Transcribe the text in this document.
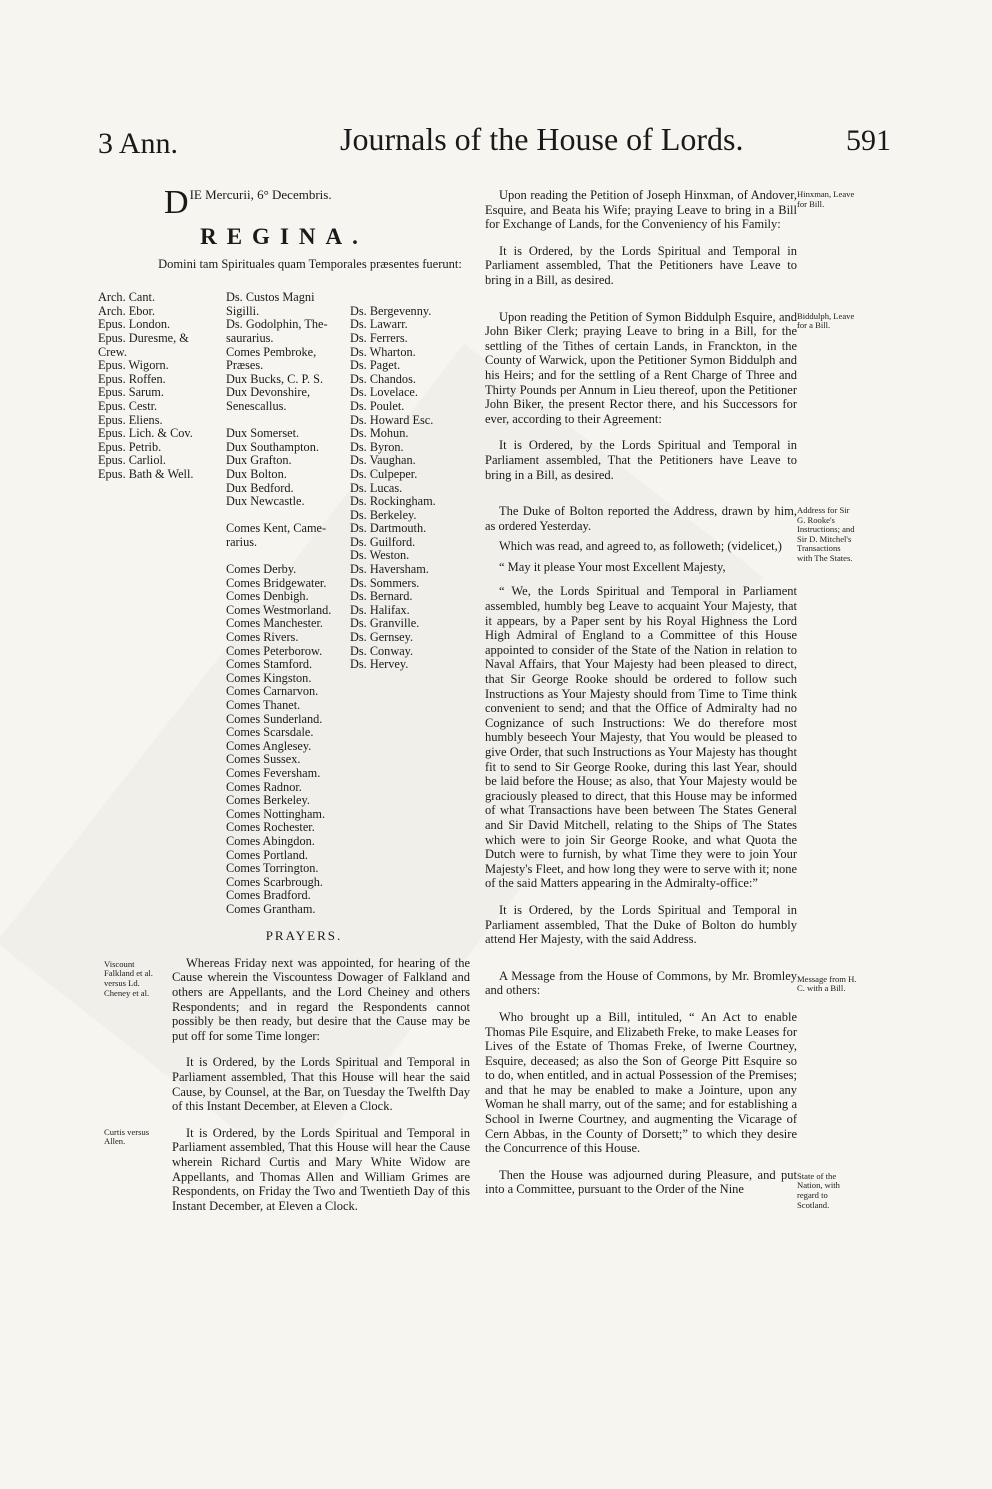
3 Ann.	Journals of the House of Lords.	591
D IE Mercurii, 6° Decembris.
REGINA.
Domini tam Spirituales quam Temporales præsentes fuerunt:
Arch. Cant.
Arch. Ebor.
Epus. London.
Epus. Duresme, &
Crew.
Epus. Wigorn.
Epus. Roffen.
Epus. Sarum.
Epus. Cestr.
Epus. Eliens.
Epus. Lich. & Cov.
Epus. Petrib.
Epus. Carliol.
Epus. Bath & Well.
Ds. Custos Magni
Sigilli.
Ds. Godolphin, The-
saurarius.
Comes Pembroke,
Præses.
Dux Bucks, C. P. S.
Dux Devonshire,
Senescallus.

Dux Somerset.
Dux Southampton.
Dux Grafton.
Dux Bolton.
Dux Bedford.
Dux Newcastle.

Comes Kent, Came-
rarius.

Comes Derby.
Comes Bridgewater.
Comes Denbigh.
Comes Westmorland.
Comes Manchester.
Comes Rivers.
Comes Peterborow.
Comes Stamford.
Comes Kingston.
Comes Carnarvon.
Comes Thanet.
Comes Sunderland.
Comes Scarsdale.
Comes Anglesey.
Comes Sussex.
Comes Feversham.
Comes Radnor.
Comes Berkeley.
Comes Nottingham.
Comes Rochester.
Comes Abingdon.
Comes Portland.
Comes Torrington.
Comes Scarbrough.
Comes Bradford.
Comes Grantham.

Ds. Bergevenny.
Ds. Lawarr.
Ds. Ferrers.
Ds. Wharton.
Ds. Paget.
Ds. Chandos.
Ds. Lovelace.
Ds. Poulet.
Ds. Howard Esc.
Ds. Mohun.
Ds. Byron.
Ds. Vaughan.
Ds. Culpeper.
Ds. Lucas.
Ds. Rockingham.
Ds. Berkeley.
Ds. Dartmouth.
Ds. Guilford.
Ds. Weston.
Ds. Haversham.
Ds. Sommers.
Ds. Bernard.
Ds. Halifax.
Ds. Granville.
Ds. Gernsey.
Ds. Conway.
Ds. Hervey.
PRAYERS.
Viscount Falkland et al. versus Ld. Cheney et al.

Whereas Friday next was appointed, for hearing of the Cause wherein the Viscountess Dowager of Falkland and others are Appellants, and the Lord Cheiney and others Respondents; and in regard the Respondents cannot possibly be then ready, but desire that the Cause may be put off for some Time longer:

It is Ordered, by the Lords Spiritual and Temporal in Parliament assembled, That this House will hear the said Cause, by Counsel, at the Bar, on Tuesday the Twelfth Day of this Instant December, at Eleven a Clock.

Curtis versus Allen.

It is Ordered, by the Lords Spiritual and Temporal in Parliament assembled, That this House will hear the Cause wherein Richard Curtis and Mary White Widow are Appellants, and Thomas Allen and William Grimes are Respondents, on Friday the Two and Twentieth Day of this Instant December, at Eleven a Clock.

Hinxman, Leave for Bill.

Upon reading the Petition of Joseph Hinxman, of Andover, Esquire, and Beata his Wife; praying Leave to bring in a Bill for Exchange of Lands, for the Conveniency of his Family:

It is Ordered, by the Lords Spiritual and Temporal in Parliament assembled, That the Petitioners have Leave to bring in a Bill, as desired.

Biddulph, Leave for a Bill.

Upon reading the Petition of Symon Biddulph Esquire, and John Biker Clerk; praying Leave to bring in a Bill, for the settling of the Tithes of certain Lands, in Franckton, in the County of Warwick, upon the Petitioner Symon Biddulph and his Heirs; and for the settling of a Rent Charge of Three and Thirty Pounds per Annum in Lieu thereof, upon the Petitioner John Biker, the present Rector there, and his Successors for ever, according to their Agreement:

It is Ordered, by the Lords Spiritual and Temporal in Parliament assembled, That the Petitioners have Leave to bring in a Bill, as desired.

Address for Sir G. Rooke's Instructions; and Sir D. Mitchel's Transactions with The States.

The Duke of Bolton reported the Address, drawn by him, as ordered Yesterday.

Which was read, and agreed to, as followeth; (videlicet,)

“ May it please Your most Excellent Majesty,

“ We, the Lords Spiritual and Temporal in Parliament assembled, humbly beg Leave to acquaint Your Majesty, that it appears, by a Paper sent by his Royal Highness the Lord High Admiral of England to a Committee of this House appointed to consider of the State of the Nation in relation to Naval Affairs, that Your Majesty had been pleased to direct, that Sir George Rooke should be ordered to follow such Instructions as Your Majesty should from Time to Time think convenient to send; and that the Office of Admiralty had no Cognizance of such Instructions: We do therefore most humbly beseech Your Majesty, that You would be pleased to give Order, that such Instructions as Your Majesty has thought fit to send to Sir George Rooke, during this last Year, should be laid before the House; as also, that Your Majesty would be graciously pleased to direct, that this House may be informed of what Transactions have been between The States General and Sir David Mitchell, relating to the Ships of The States which were to join Sir George Rooke, and what Quota the Dutch were to furnish, by what Time they were to join Your Majesty's Fleet, and how long they were to serve with it; none of the said Matters appearing in the Admiralty-office:”

It is Ordered, by the Lords Spiritual and Temporal in Parliament assembled, That the Duke of Bolton do humbly attend Her Majesty, with the said Address.

Message from H. C. with a Bill.

A Message from the House of Commons, by Mr. Bromley and others:

Who brought up a Bill, intituled, “ An Act to enable Thomas Pile Esquire, and Elizabeth Freke, to make Leases for Lives of the Estate of Thomas Freke, of Iwerne Courtney, Esquire, deceased; as also the Son of George Pitt Esquire so to do, when entitled, and in actual Possession of the Premises; and that he may be enabled to make a Jointure, upon any Woman he shall marry, out of the same; and for establishing a School in Iwerne Courtney, and augmenting the Vicarage of Cern Abbas, in the County of Dorsett;” to which they desire the Concurrence of this House.

State of the Nation, with regard to Scotland.

Then the House was adjourned during Pleasure, and put into a Committee, pursuant to the Order of the Nine
